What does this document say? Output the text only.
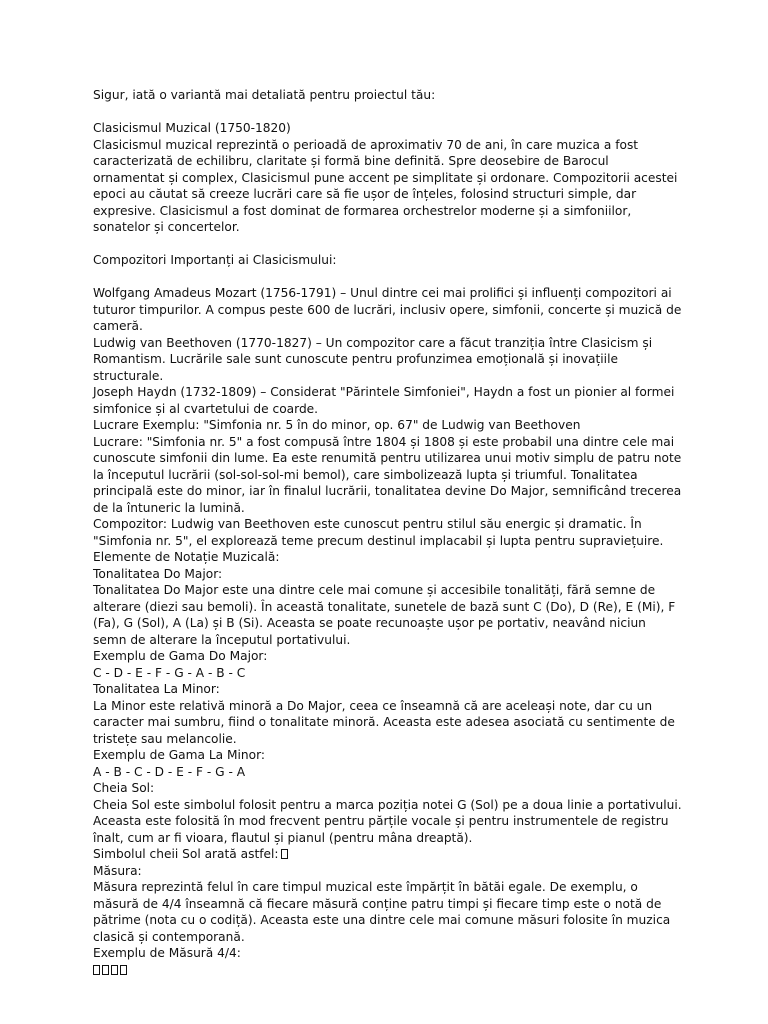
Sigur, iată o variantă mai detaliată pentru proiectul tău:

Clasicismul Muzical (1750-1820)

Clasicismul muzical reprezintă o perioadă de aproximativ 70 de ani, în care muzica a fost caracterizată de echilibru, claritate și formă bine definită. Spre deosebire de Barocul ornamentat și complex, Clasicismul pune accent pe simplitate și ordonare. Compozitorii acestei epoci au căutat să creeze lucrări care să fie ușor de înțeles, folosind structuri simple, dar expresive. Clasicismul a fost dominat de formarea orchestrelor moderne și a simfoniilor, sonatelor și concertelor.

Compozitori Importanți ai Clasicismului:

Wolfgang Amadeus Mozart (1756-1791) – Unul dintre cei mai prolifici și influenți compozitori ai tuturor timpurilor. A compus peste 600 de lucrări, inclusiv opere, simfonii, concerte și muzică de cameră.

Ludwig van Beethoven (1770-1827) – Un compozitor care a făcut tranziția între Clasicism și Romantism. Lucrările sale sunt cunoscute pentru profunzimea emoțională și inovațiile structurale.

Joseph Haydn (1732-1809) – Considerat "Părintele Simfoniei", Haydn a fost un pionier al formei simfonice și al cvartetului de coarde.

Lucrare Exemplu: "Simfonia nr. 5 în do minor, op. 67" de Ludwig van Beethoven

Lucrare: "Simfonia nr. 5" a fost compusă între 1804 și 1808 și este probabil una dintre cele mai cunoscute simfonii din lume. Ea este renumită pentru utilizarea unui motiv simplu de patru note la începutul lucrării (sol-sol-sol-mi bemol), care simbolizează lupta și triumful. Tonalitatea principală este do minor, iar în finalul lucrării, tonalitatea devine Do Major, semnificând trecerea de la întuneric la lumină.

Compozitor: Ludwig van Beethoven este cunoscut pentru stilul său energic și dramatic. În "Simfonia nr. 5", el explorează teme precum destinul implacabil și lupta pentru supraviețuire.

Elemente de Notație Muzicală:

Tonalitatea Do Major:

Tonalitatea Do Major este una dintre cele mai comune și accesibile tonalități, fără semne de alterare (diezi sau bemoli). În această tonalitate, sunetele de bază sunt C (Do), D (Re), E (Mi), F (Fa), G (Sol), A (La) și B (Si). Aceasta se poate recunoaște ușor pe portativ, neavând niciun semn de alterare la începutul portativului.

Exemplu de Gama Do Major:

C - D - E - F - G - A - B - C

Tonalitatea La Minor:

La Minor este relativă minoră a Do Major, ceea ce înseamnă că are aceleași note, dar cu un caracter mai sumbru, fiind o tonalitate minoră. Aceasta este adesea asociată cu sentimente de tristețe sau melancolie.

Exemplu de Gama La Minor:

A - B - C - D - E - F - G - A

Cheia Sol:

Cheia Sol este simbolul folosit pentru a marca poziția notei G (Sol) pe a doua linie a portativului. Aceasta este folosită în mod frecvent pentru părțile vocale și pentru instrumentele de registru înalt, cum ar fi vioara, flautul și pianul (pentru mâna dreaptă).

Simbolul cheii Sol arată astfel:

Măsura:

Măsura reprezintă felul în care timpul muzical este împărțit în bătăi egale. De exemplu, o măsură de 4/4 înseamnă că fiecare măsură conține patru timpi și fiecare timp este o notă de pătrime (nota cu o codiță). Aceasta este una dintre cele mai comune măsuri folosite în muzica clasică și contemporană.

Exemplu de Măsură 4/4:
